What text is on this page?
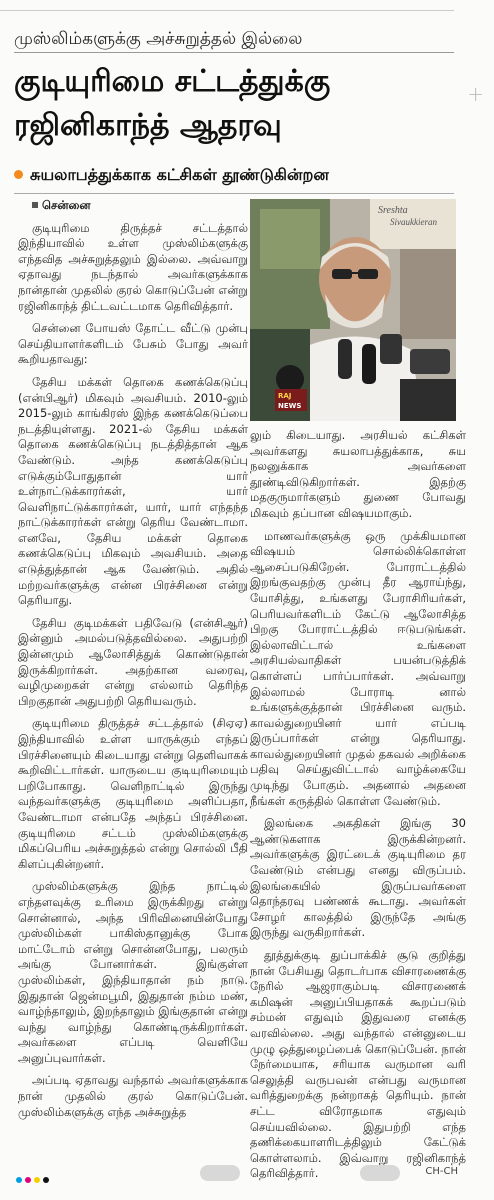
+
முஸ்லிம்களுக்கு அச்சுறுத்தல் இல்லை
குடியுரிமை சட்டத்துக்கு
ரஜினிகாந்த் ஆதரவு
சுயலாபத்துக்காக கட்சிகள் தூண்டுகின்றன

சென்னை

குடியுரிமை திருத்தச் சட்டத்தால் இந்தியாவில் உள்ள முஸ்லிம்களுக்கு எந்தவித அச்சுறுத்தலும் இல்லை. அவ்வாறு ஏதாவது நடந்தால் அவர்களுக்காக நான்தான் முதலில் குரல் கொடுப்பேன் என்று ரஜினிகாந்த் திட்டவட்டமாக தெரிவித்தார்.

சென்னை போயஸ் தோட்ட வீட்டு முன்பு செய்தியாளர்களிடம் பேசும் போது அவர் கூறியதாவது:

தேசிய மக்கள் தொகை கணக்கெடுப்பு (என்பிஆர்) மிகவும் அவசியம். 2010-லும் 2015-லும் காங்கிரஸ் இந்த கணக்கெடுப்பை நடத்தியுள்ளது. 2021-ல் தேசிய மக்கள் தொகை கணக்கெடுப்பு நடத்தித்தான் ஆக வேண்டும். அந்த கணக்கெடுப்பு எடுக்கும்போதுதான் யார் உள்நாட்டுக்காரர்கள், யார் வெளிநாட்டுக்காரர்கள், யார், யார் எந்தந்த நாட்டுக்காரர்கள் என்று தெரிய வேண்டாமா. எனவே, தேசிய மக்கள் தொகை கணக்கெடுப்பு மிகவும் அவசியம். அதை எடுத்துத்தான் ஆக வேண்டும். அதில் மற்றவர்களுக்கு என்ன பிரச்சினை என்று தெரியாது.

தேசிய குடிமக்கள் பதிவேடு (என்சிஆர்) இன்னும் அமல்படுத்தவில்லை. அதுபற்றி இன்னமும் ஆலோசித்துக் கொண்டுதான் இருக்கிறார்கள். அதற்கான வரைவு, வழிமுறைகள் என்று எல்லாம் தெரிந்த பிறகுதான் அதுபற்றி தெரியவரும்.

குடியுரிமை திருத்தச் சட்டத்தால் (சிஏஏ) இந்தியாவில் உள்ள யாருக்கும் எந்தப் பிரச்சினையும் கிடையாது என்று தெளிவாகக் கூறிவிட்டார்கள். யாருடைய குடியுரிமையும் பறிபோகாது. வெளிநாட்டில் இருந்து வந்தவர்களுக்கு குடியுரிமை அளிப்பதா, வேண்டாமா என்பதே அந்தப் பிரச்சினை. குடியுரிமை சட்டம் முஸ்லிம்களுக்கு மிகப்பெரிய அச்சுறுத்தல் என்று சொல்லி பீதி கிளப்புகின்றனர்.

முஸ்லிம்களுக்கு இந்த நாட்டில் எந்தளவுக்கு உரிமை இருக்கிறது என்று சொன்னால், அந்த பிரிவினையின்போது முஸ்லிம்கள் பாகிஸ்தானுக்கு போக மாட்டோம் என்று சொன்னபோது, பலரும் அங்கு போனார்கள். இங்குள்ள முஸ்லிம்கள், இந்தியாதான் நம் நாடு. இதுதான் ஜென்மபூமி, இதுதான் நம்ம மண், வாழ்ந்தாலும், இறந்தாலும் இங்குதான் என்று வந்து வாழ்ந்து கொண்டிருக்கிறார்கள். அவர்களை எப்படி வெளியே அனுப்புவார்கள்.

அப்படி ஏதாவது வந்தால் அவர்களுக்காக நான் முதலில் குரல் கொடுப்பேன். முஸ்லிம்களுக்கு எந்த அச்சுறுத்த

Sreshta
Sivaukkieran
RAJ
NEWS

லும் கிடையாது. அரசியல் கட்சிகள் அவர்களது சுயலாபத்துக்காக, சுய நலனுக்காக அவர்களை தூண்டிவிடுகிறார்கள். இதற்கு மதகுருமார்களும் துணை போவது மிகவும் தப்பான விஷயமாகும்.

மாணவர்களுக்கு ஒரு முக்கியமான விஷயம் சொல்லிக்கொள்ள ஆசைப்படுகிறேன். போராட்டத்தில் இறங்குவதற்கு முன்பு தீர ஆராய்ந்து, யோசித்து, உங்களது பேராசிரியர்கள், பெரியவர்களிடம் கேட்டு ஆலோசித்த பிறகு போராட்டத்தில் ஈடுபடுங்கள். இல்லாவிட்டால் உங்களை அரசியல்வாதிகள் பயன்படுத்திக் கொள்ளப் பார்ப்பார்கள். அவ்வாறு இல்லாமல் போராடி னால் உங்களுக்குத்தான் பிரச்சினை வரும். காவல்துறையினர் யார் எப்படி இருப்பார்கள் என்று தெரியாது. காவல்துறையினர் முதல் தகவல் அறிக்கை பதிவு செய்துவிட்டால் வாழ்க்கையே முடிந்து போகும். அதனால் அதனை நீங்கள் கருத்தில் கொள்ள வேண்டும்.

இலங்கை அகதிகள் இங்கு 30 ஆண்டுகளாக இருக்கின்றனர். அவர்களுக்கு இரட்டைக் குடியுரிமை தர வேண்டும் என்பது எனது விருப்பம். இலங்கையில் இருப்பவர்களை தொந்தரவு பண்ணக் கூடாது. அவர்கள் சோழர் காலத்தில் இருந்தே அங்கு இருந்து வருகிறார்கள்.

தூத்துக்குடி துப்பாக்கிச் சூடு குறித்து நான் பேசியது தொடர்பாக விசாரணைக்கு நேரில் ஆஜராகும்படி விசாரணைக் கமிஷன் அனுப்பியதாகக் கூறப்படும் சம்மன் எதுவும் இதுவரை எனக்கு வரவில்லை. அது வந்தால் என்னுடைய முழு ஒத்துழைப்பைக் கொடுப்பேன். நான் நேர்மையாக, சரியாக வருமான வரி செலுத்தி வருபவன் என்பது வருமான வரித்துறைக்கு நன்றாகத் தெரியும். நான் சட்ட விரோதமாக எதுவும் செய்யவில்லை. இதுபற்றி எந்த தணிக்கையாளரிடத்திலும் கேட்டுக் கொள்ளலாம். இவ்வாறு ரஜினிகாந்த் தெரிவித்தார்.	CH-CH
